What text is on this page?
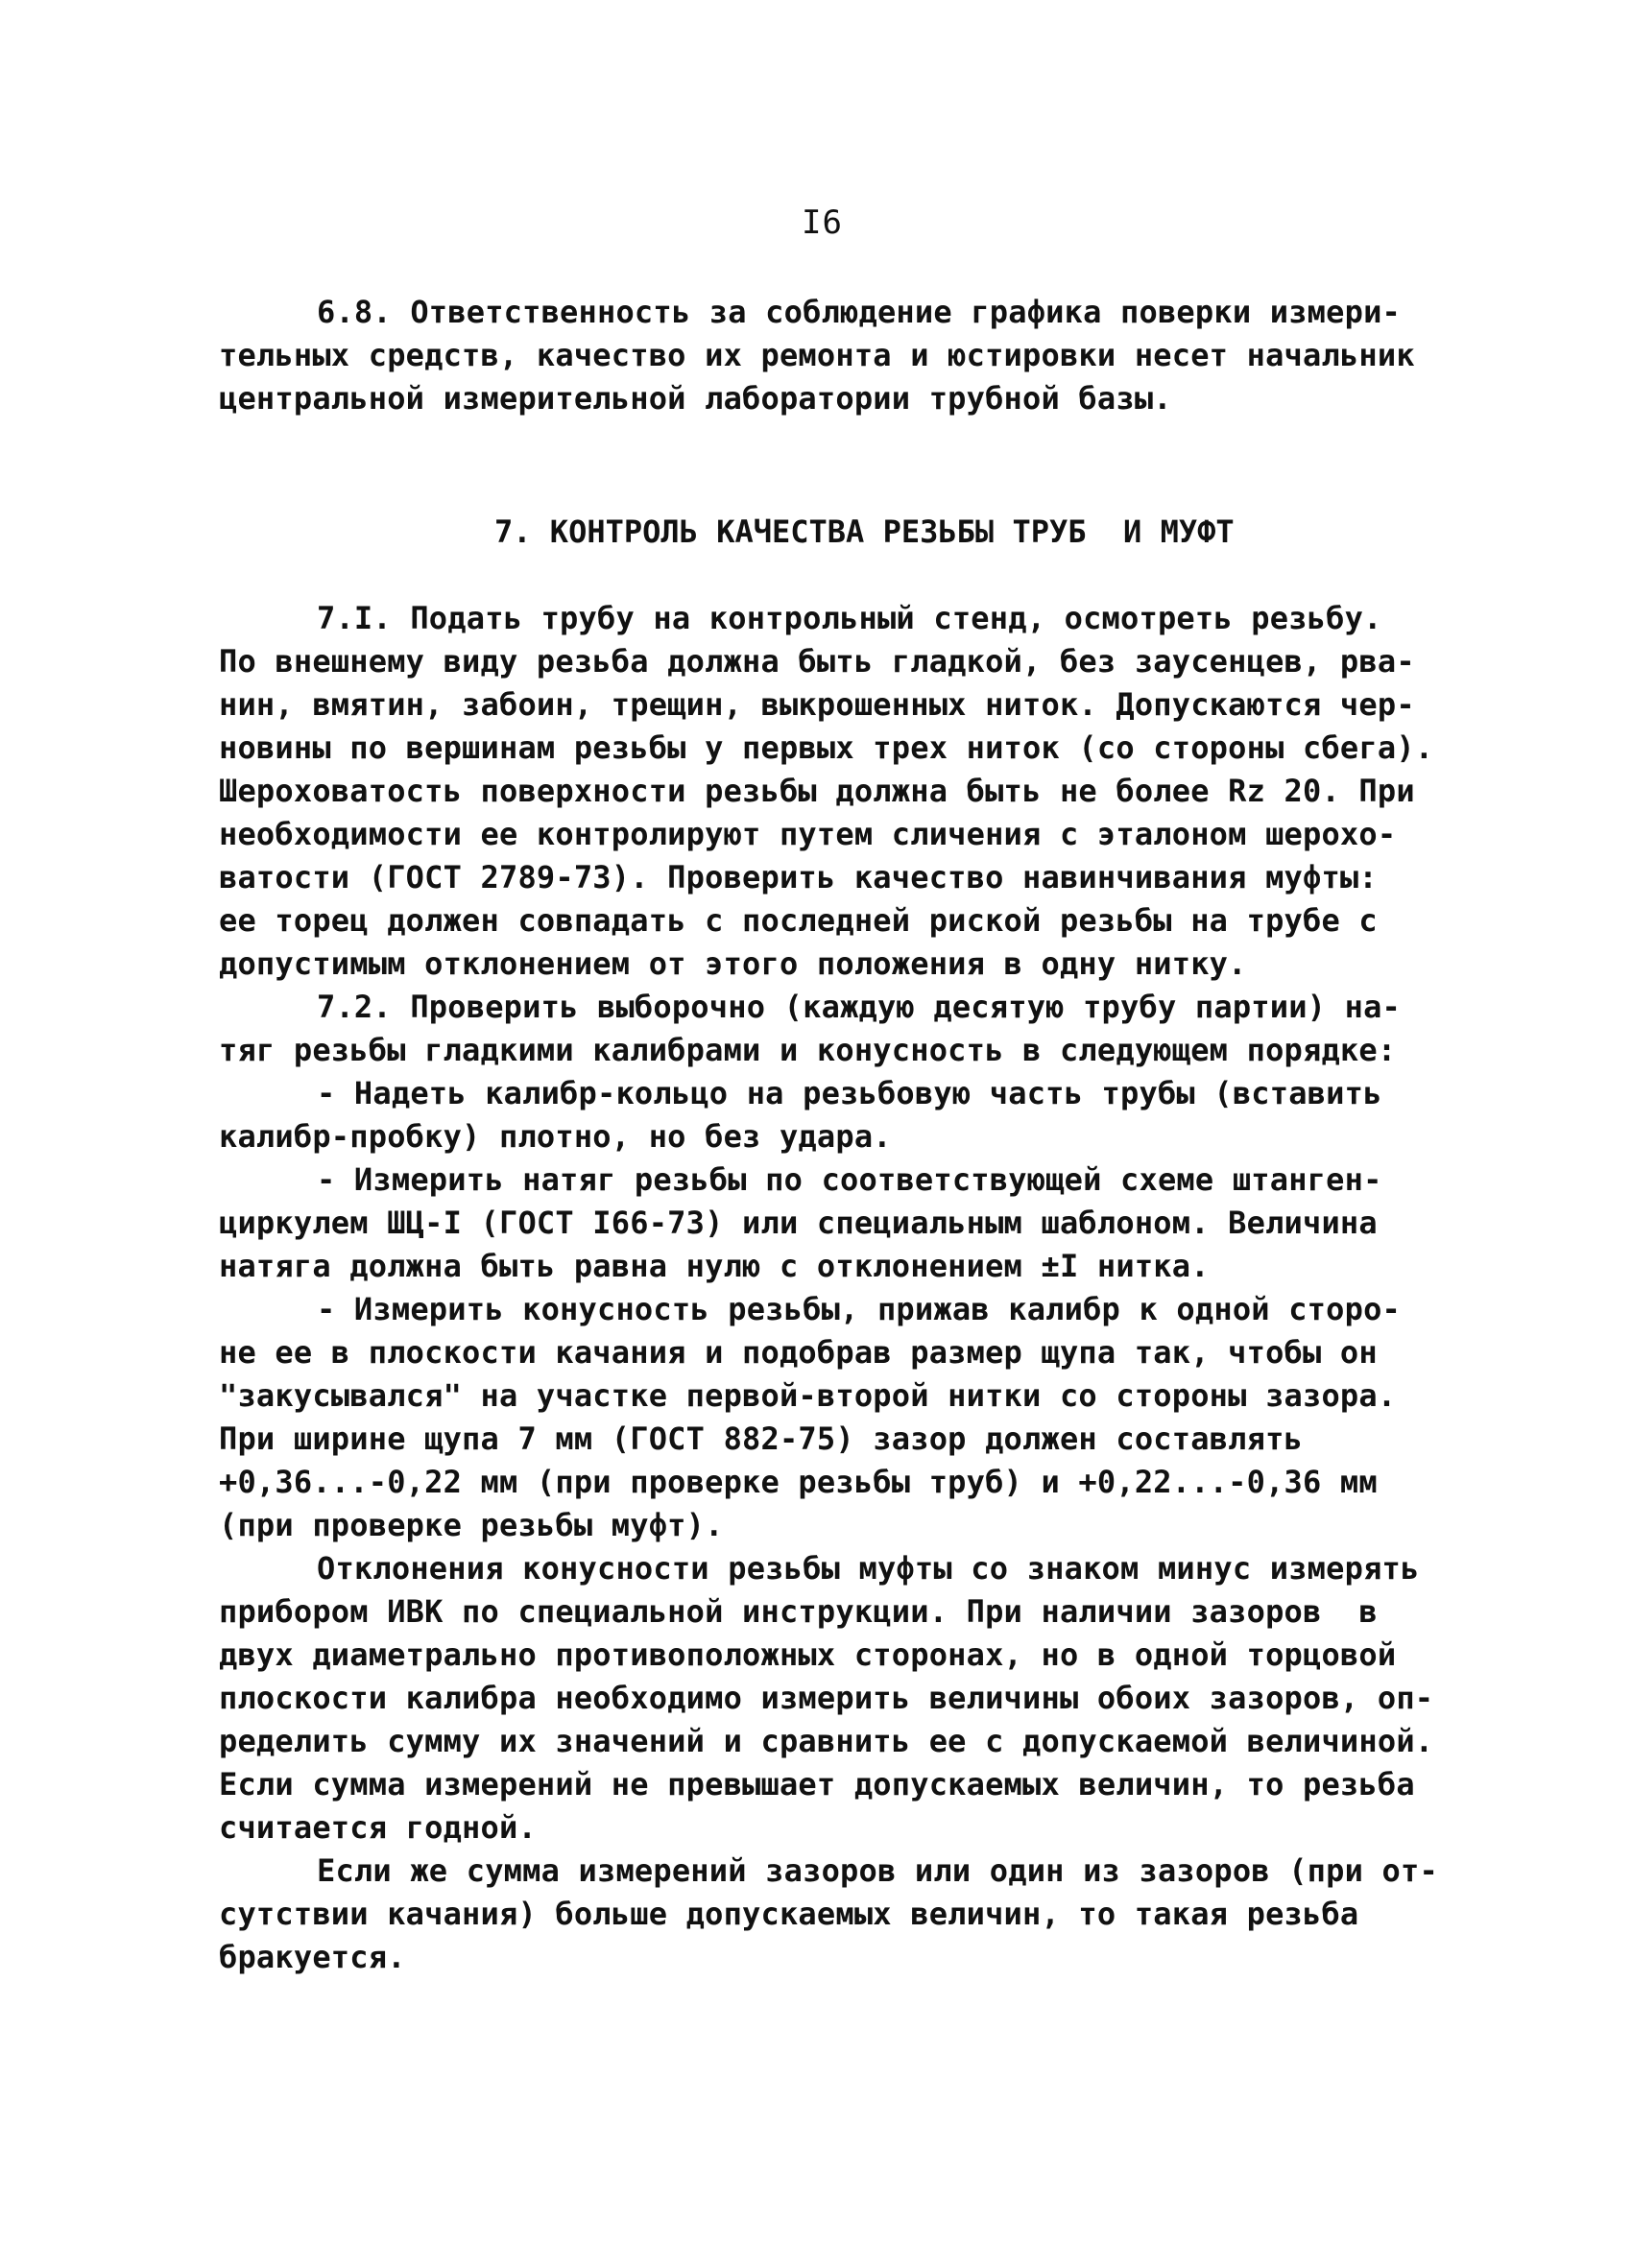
I6
6.8. Ответственность за соблюдение графика поверки измери-
тельных средств, качество их ремонта и юстировки несет начальник
центральной измерительной лаборатории трубной базы.
7. КОНТРОЛЬ КАЧЕСТВА РЕЗЬБЫ ТРУБ  И МУФТ
7.I. Подать трубу на контрольный стенд, осмотреть резьбу.
По внешнему виду резьба должна быть гладкой, без заусенцев, рва-
нин, вмятин, забоин, трещин, выкрошенных ниток. Допускаются чер-
новины по вершинам резьбы у первых трех ниток (со стороны сбега).
Шероховатость поверхности резьбы должна быть не более Rz 20. При
необходимости ее контролируют путем сличения с эталоном шерохо-
ватости (ГОСТ 2789-73). Проверить качество навинчивания муфты:
ее торец должен совпадать с последней риской резьбы на трубе с
допустимым отклонением от этого положения в одну нитку.
7.2. Проверить выборочно (каждую десятую трубу партии) на-
тяг резьбы гладкими калибрами и конусность в следующем порядке:
- Надеть калибр-кольцо на резьбовую часть трубы (вставить
калибр-пробку) плотно, но без удара.
- Измерить натяг резьбы по соответствующей схеме штанген-
циркулем ШЦ-I (ГОСТ I66-73) или специальным шаблоном. Величина
натяга должна быть равна нулю с отклонением ±I нитка.
- Измерить конусность резьбы, прижав калибр к одной сторо-
не ее в плоскости качания и подобрав размер щупа так, чтобы он
"закусывался" на участке первой-второй нитки со стороны зазора.
При ширине щупа 7 мм (ГОСТ 882-75) зазор должен составлять
+0,36...-0,22 мм (при проверке резьбы труб) и +0,22...-0,36 мм
(при проверке резьбы муфт).
Отклонения конусности резьбы муфты со знаком минус измерять
прибором ИВК по специальной инструкции. При наличии зазоров  в
двух диаметрально противоположных сторонах, но в одной торцовой
плоскости калибра необходимо измерить величины обоих зазоров, оп-
ределить сумму их значений и сравнить ее с допускаемой величиной.
Если сумма измерений не превышает допускаемых величин, то резьба
считается годной.
Если же сумма измерений зазоров или один из зазоров (при от-
сутствии качания) больше допускаемых величин, то такая резьба
бракуется.
